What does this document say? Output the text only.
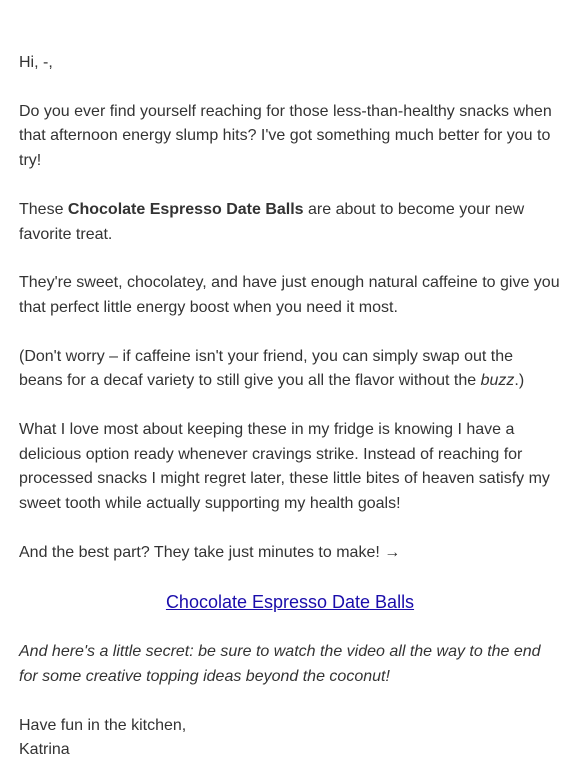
Hi, -,

Do you ever find yourself reaching for those less-than-healthy snacks when that afternoon energy slump hits? I've got something much better for you to try!

These Chocolate Espresso Date Balls are about to become your new favorite treat.

They're sweet, chocolatey, and have just enough natural caffeine to give you that perfect little energy boost when you need it most.

(Don't worry – if caffeine isn't your friend, you can simply swap out the beans for a decaf variety to still give you all the flavor without the buzz.)

What I love most about keeping these in my fridge is knowing I have a delicious option ready whenever cravings strike. Instead of reaching for processed snacks I might regret later, these little bites of heaven satisfy my sweet tooth while actually supporting my health goals!

And the best part? They take just minutes to make! →

Chocolate Espresso Date Balls

And here's a little secret: be sure to watch the video all the way to the end for some creative topping ideas beyond the coconut!

Have fun in the kitchen,

Katrina
